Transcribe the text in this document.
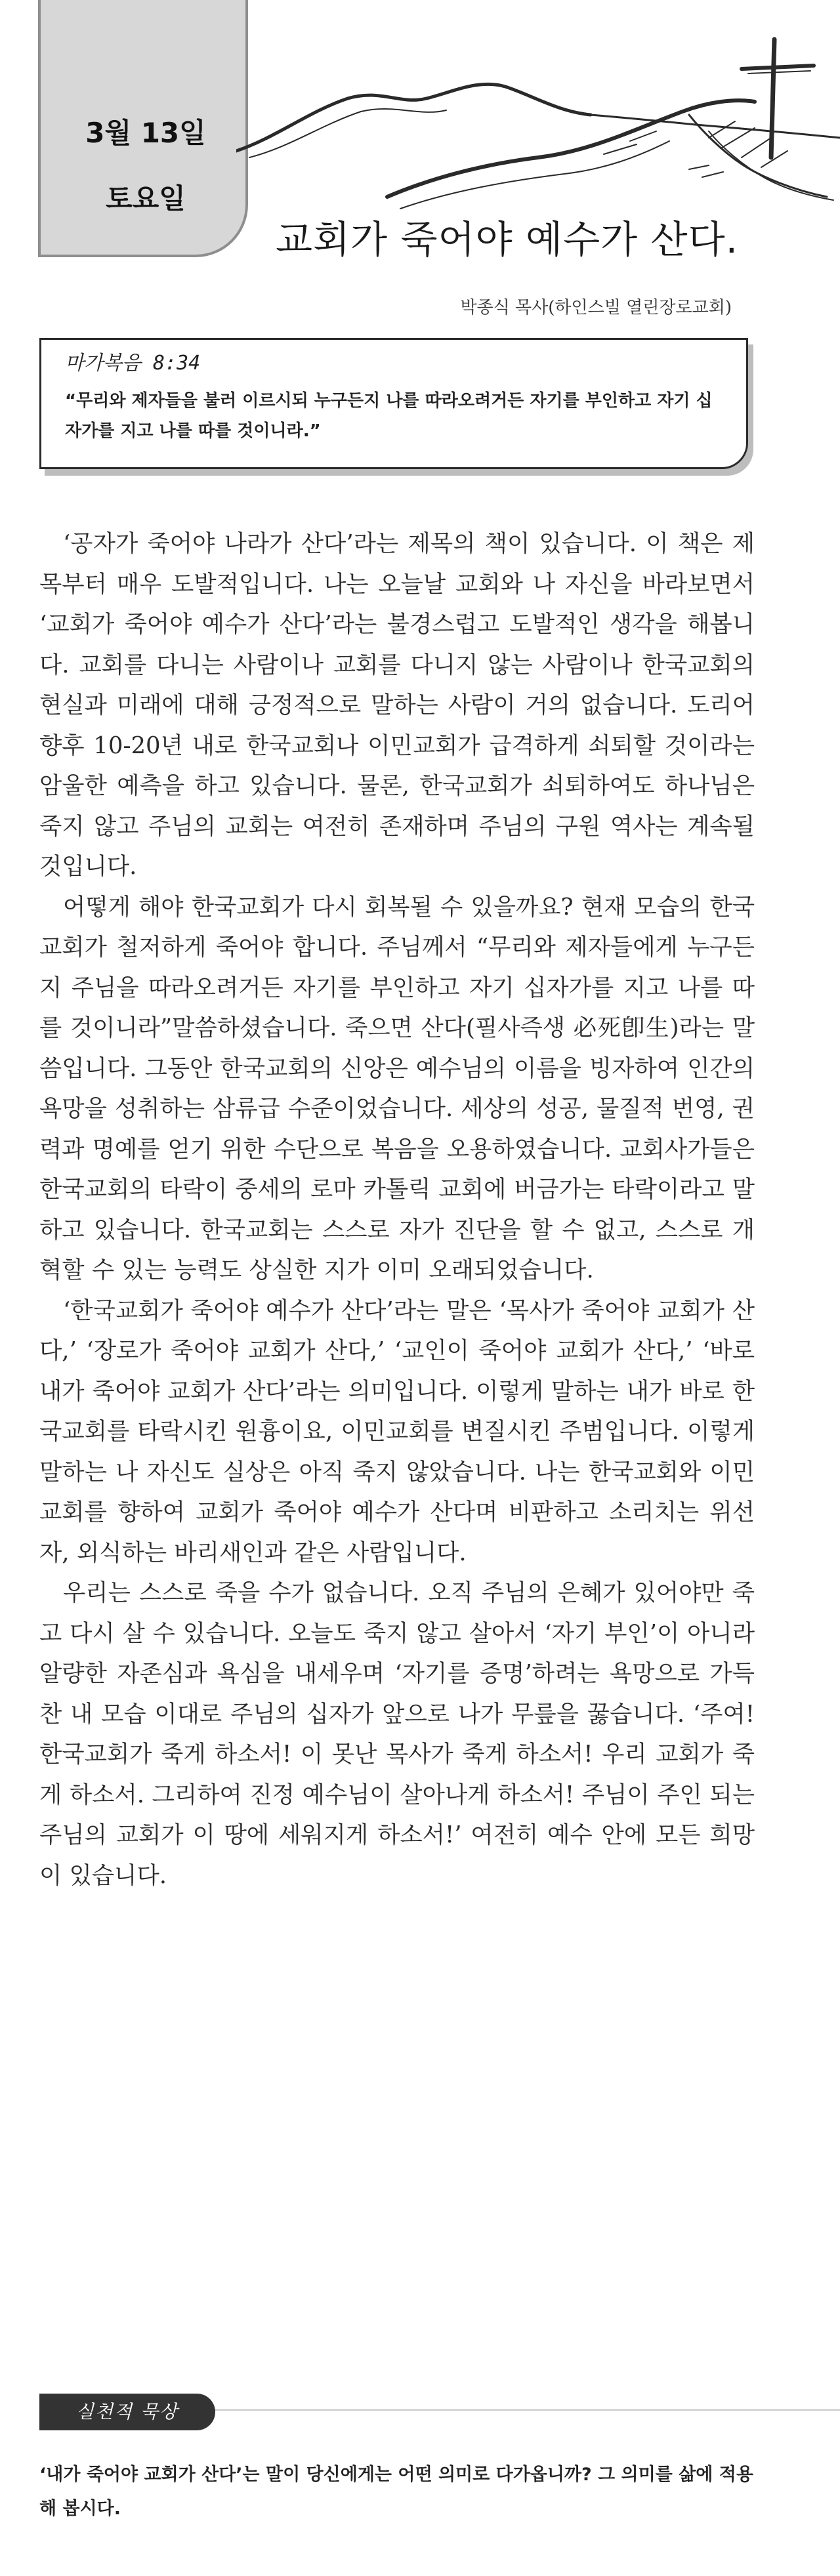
3월 13일
토요일
교회가 죽어야 예수가 산다.
박종식 목사(하인스빌 열린장로교회)
마가복음 8:34
“무리와 제자들을 불러 이르시되 누구든지 나를 따라오려거든 자기를 부인하고 자기 십자가를 지고 나를 따를 것이니라.”

‘공자가 죽어야 나라가 산다’라는 제목의 책이 있습니다. 이 책은 제목부터 매우 도발적입니다. 나는 오늘날 교회와 나 자신을 바라보면서 ‘교회가 죽어야 예수가 산다’라는 불경스럽고 도발적인 생각을 해봅니다. 교회를 다니는 사람이나 교회를 다니지 않는 사람이나 한국교회의 현실과 미래에 대해 긍정적으로 말하는 사람이 거의 없습니다. 도리어 향후 10-20년 내로 한국교회나 이민교회가 급격하게 쇠퇴할 것이라는 암울한 예측을 하고 있습니다. 물론, 한국교회가 쇠퇴하여도 하나님은 죽지 않고 주님의 교회는 여전히 존재하며 주님의 구원 역사는 계속될 것입니다.

어떻게 해야 한국교회가 다시 회복될 수 있을까요? 현재 모습의 한국교회가 철저하게 죽어야 합니다. 주님께서 “무리와 제자들에게 누구든지 주님을 따라오려거든 자기를 부인하고 자기 십자가를 지고 나를 따를 것이니라”말씀하셨습니다. 죽으면 산다(필사즉생 必死卽生)라는 말씀입니다. 그동안 한국교회의 신앙은 예수님의 이름을 빙자하여 인간의 욕망을 성취하는 삼류급 수준이었습니다. 세상의 성공, 물질적 번영, 권력과 명예를 얻기 위한 수단으로 복음을 오용하였습니다. 교회사가들은 한국교회의 타락이 중세의 로마 카톨릭 교회에 버금가는 타락이라고 말하고 있습니다. 한국교회는 스스로 자가 진단을 할 수 없고, 스스로 개혁할 수 있는 능력도 상실한 지가 이미 오래되었습니다.

‘한국교회가 죽어야 예수가 산다’라는 말은 ‘목사가 죽어야 교회가 산다,’ ‘장로가 죽어야 교회가 산다,’ ‘교인이 죽어야 교회가 산다,’ ‘바로 내가 죽어야 교회가 산다’라는 의미입니다. 이렇게 말하는 내가 바로 한국교회를 타락시킨 원흉이요, 이민교회를 변질시킨 주범입니다. 이렇게 말하는 나 자신도 실상은 아직 죽지 않았습니다. 나는 한국교회와 이민교회를 향하여 교회가 죽어야 예수가 산다며 비판하고 소리치는 위선자, 외식하는 바리새인과 같은 사람입니다.

우리는 스스로 죽을 수가 없습니다. 오직 주님의 은혜가 있어야만 죽고 다시 살 수 있습니다. 오늘도 죽지 않고 살아서 ‘자기 부인’이 아니라 알량한 자존심과 욕심을 내세우며 ‘자기를 증명’하려는 욕망으로 가득 찬 내 모습 이대로 주님의 십자가 앞으로 나가 무릎을 꿇습니다. ‘주여! 한국교회가 죽게 하소서! 이 못난 목사가 죽게 하소서! 우리 교회가 죽게 하소서. 그리하여 진정 예수님이 살아나게 하소서! 주님이 주인 되는 주님의 교회가 이 땅에 세워지게 하소서!’ 여전히 예수 안에 모든 희망이 있습니다.

실천적 묵상
‘내가 죽어야 교회가 산다’는 말이 당신에게는 어떤 의미로 다가옵니까? 그 의미를 삶에 적용해 봅시다.
